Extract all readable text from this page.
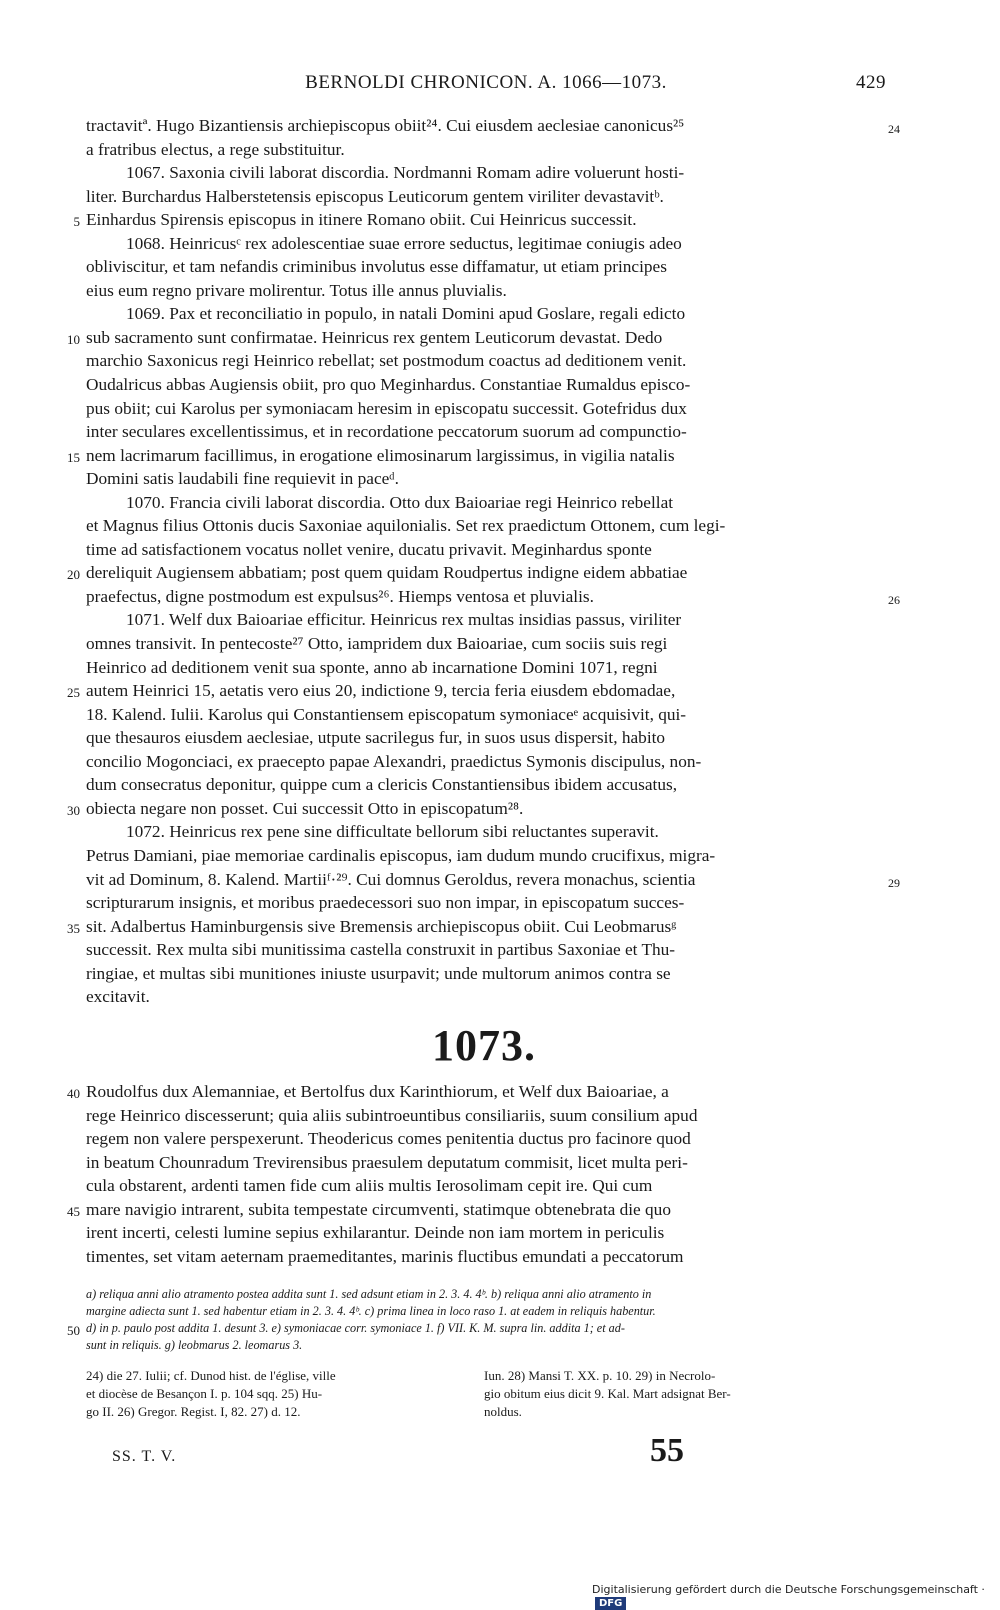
BERNOLDI CHRONICON. A. 1066—1073.	429
tractavitª. Hugo Bizantiensis archiepiscopus obiit²⁴. Cui eiusdem aeclesiae canonicus²⁵	24
a fratribus electus, a rege substituitur.
1067. Saxonia civili laborat discordia. Nordmanni Romam adire voluerunt hosti-
liter. Burchardus Halberstetensis episcopus Leuticorum gentem viriliter devastavitᵇ.
Einhardus Spirensis episcopus in itinere Romano obiit. Cui Heinricus successit.
5
1068. Heinricusᶜ rex adolescentiae suae errore seductus, legitimae coniugis adeo
obliviscitur, et tam nefandis criminibus involutus esse diffamatur, ut etiam principes
eius eum regno privare molirentur. Totus ille annus pluvialis.
1069. Pax et reconciliatio in populo, in natali Domini apud Goslare, regali edicto
sub sacramento sunt confirmatae. Heinricus rex gentem Leuticorum devastat. Dedo
10
marchio Saxonicus regi Heinrico rebellat; set postmodum coactus ad deditionem venit.
Oudalricus abbas Augiensis obiit, pro quo Meginhardus. Constantiae Rumaldus episco-
pus obiit; cui Karolus per symoniacam heresim in episcopatu successit. Gotefridus dux
inter seculares excellentissimus, et in recordatione peccatorum suorum ad compunctio-
nem lacrimarum facillimus, in erogatione elimosinarum largissimus, in vigilia natalis
15
Domini satis laudabili fine requievit in paceᵈ.
1070. Francia civili laborat discordia. Otto dux Baioariae regi Heinrico rebellat
et Magnus filius Ottonis ducis Saxoniae aquilonialis. Set rex praedictum Ottonem, cum legi-
time ad satisfactionem vocatus nollet venire, ducatu privavit. Meginhardus sponte
dereliquit Augiensem abbatiam; post quem quidam Roudpertus indigne eidem abbatiae
20
praefectus, digne postmodum est expulsus²⁶. Hiemps ventosa et pluvialis.	26
1071. Welf dux Baioariae efficitur. Heinricus rex multas insidias passus, viriliter
omnes transivit. In pentecoste²⁷ Otto, iampridem dux Baioariae, cum sociis suis regi
Heinrico ad deditionem venit sua sponte, anno ab incarnatione Domini 1071, regni
autem Heinrici 15, aetatis vero eius 20, indictione 9, tercia feria eiusdem ebdomadae,
25
18. Kalend. Iulii. Karolus qui Constantiensem episcopatum symoniaceᵉ acquisivit, qui-
que thesauros eiusdem aeclesiae, utpute sacrilegus fur, in suos usus dispersit, habito
concilio Mogonciaci, ex praecepto papae Alexandri, praedictus Symonis discipulus, non-
dum consecratus deponitur, quippe cum a clericis Constantiensibus ibidem accusatus,
obiecta negare non posset. Cui successit Otto in episcopatum²⁸.
30
1072. Heinricus rex pene sine difficultate bellorum sibi reluctantes superavit.
Petrus Damiani, piae memoriae cardinalis episcopus, iam dudum mundo crucifixus, migra-
vit ad Dominum, 8. Kalend. Martiiᶠ·²⁹. Cui domnus Geroldus, revera monachus, scientia	29
scripturarum insignis, et moribus praedecessori suo non impar, in episcopatum succes-
sit. Adalbertus Haminburgensis sive Bremensis archiepiscopus obiit. Cui Leobmarusᵍ
35
successit. Rex multa sibi munitissima castella construxit in partibus Saxoniae et Thu-
ringiae, et multas sibi munitiones iniuste usurpavit; unde multorum animos contra se
excitavit.
1073.
Roudolfus dux Alemanniae, et Bertolfus dux Karinthiorum, et Welf dux Baioariae, a
40
rege Heinrico discesserunt; quia aliis subintroeuntibus consiliariis, suum consilium apud
regem non valere perspexerunt. Theodericus comes penitentia ductus pro facinore quod
in beatum Chounradum Trevirensibus praesulem deputatum commisit, licet multa peri-
cula obstarent, ardenti tamen fide cum aliis multis Ierosolimam cepit ire. Qui cum
mare navigio intrarent, subita tempestate circumventi, statimque obtenebrata die quo
45
irent incerti, celesti lumine sepius exhilarantur. Deinde non iam mortem in periculis
timentes, set vitam aeternam praemeditantes, marinis fluctibus emundati a peccatorum
a) reliqua anni alio atramento postea addita sunt 1. sed adsunt etiam in 2. 3. 4. 4ᵇ. b) reliqua anni alio atramento in
margine adiecta sunt 1. sed habentur etiam in 2. 3. 4. 4ᵇ. c) prima linea in loco raso 1. at eadem in reliquis habentur.
d) in p. paulo post addita 1. desunt 3. e) symoniacae corr. symoniace 1. f) VII. K. M. supra lin. addita 1; et ad-
50
sunt in reliquis. g) leobmarus 2. leomarus 3.
24) die 27. Iulii; cf. Dunod hist. de l'église, ville
et diocèse de Besançon I. p. 104 sqq. 25) Hu-
go II. 26) Gregor. Regist. I, 82. 27) d. 12.
Iun. 28) Mansi T. XX. p. 10. 29) in Necrolo-
gio obitum eius dicit 9. Kal. Mart adsignat Ber-
noldus.
SS. T. V.	55
Digitalisierung gefördert durch die Deutsche Forschungsgemeinschaft · DFG
